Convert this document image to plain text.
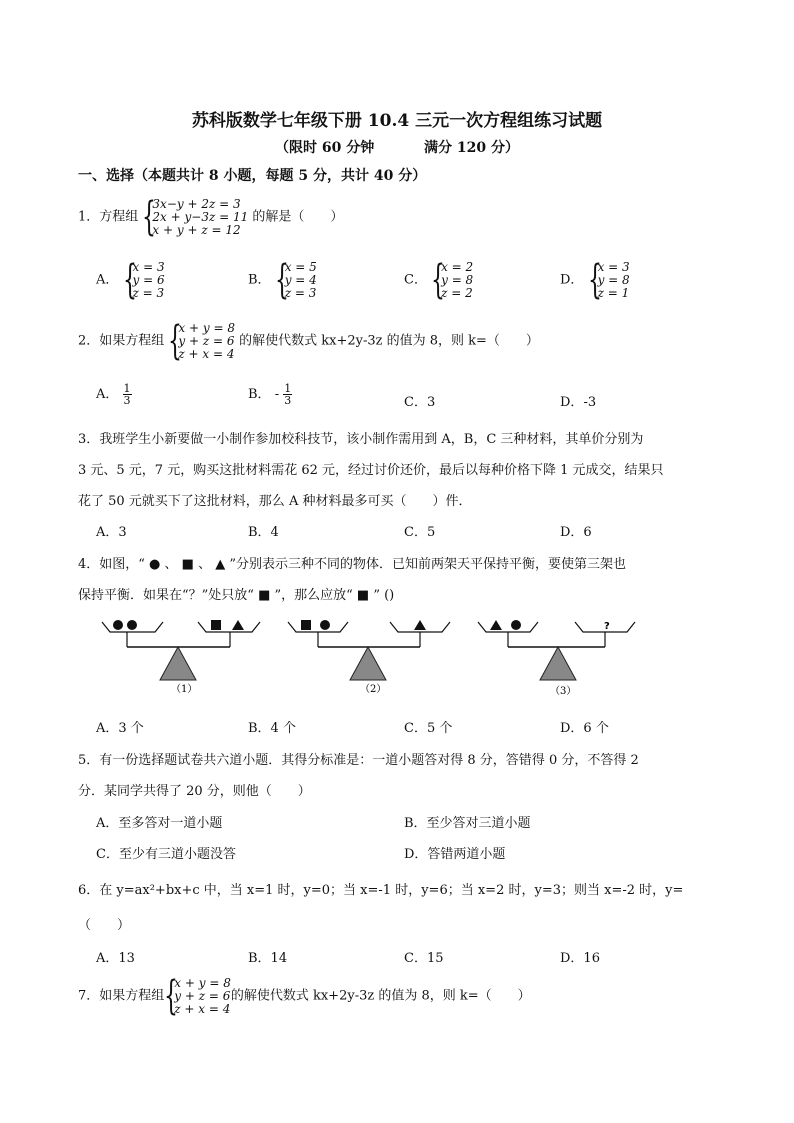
苏科版数学七年级下册 10.4 三元一次方程组练习试题
（限时 60 分钟	满分 120 分）
一、选择（本题共计 8 小题，每题 5 分，共计 40 分）
1．方程组 {
3x−y + 2z = 3
2x + y−3z = 11
x + y + z = 12
的解是（　　）
A． {
x = 3
y = 6
z = 3
B． {
x = 5
y = 4
z = 3
C． {
x = 2
y = 8
z = 2
D． {
x = 3
y = 8
z = 1
2．如果方程组 {
x + y = 8
y + z = 6
z + x = 4
的解使代数式 kx+2y-3z 的值为 8，则 k=（　　）
A． $\frac{1}{3}$	B． - $\frac{1}{3}$	C．3	D．-3
3．我班学生小新要做一小制作参加校科技节，该小制作需用到 A，B，C 三种材料，其单价分别为
3 元、5 元，7 元，购买这批材料需花 62 元，经过讨价还价，最后以每种价格下降 1 元成交，结果只
花了 50 元就买下了这批材料，那么 A 种材料最多可买（　　）件．
A．3	B．4	C．5	D．6
4．如图，“ ● 、 ■ 、 ▲ ”分别表示三种不同的物体．已知前两架天平保持平衡，要使第三架也
保持平衡．如果在“？”处只放“ ■ ”，那么应放“ ■ ” ()
（1）	（2）
?
（3）
A．3 个	B．4 个	C．5 个	D．6 个
5．有一份选择题试卷共六道小题．其得分标准是：一道小题答对得 8 分，答错得 0 分，不答得 2
分．某同学共得了 20 分，则他（　　）
A．至多答对一道小题	B．至少答对三道小题
C．至少有三道小题没答	D．答错两道小题
6．在 y=ax²+bx+c 中，当 x=1 时，y=0；当 x=-1 时，y=6；当 x=2 时，y=3；则当 x=-2 时，y=
（　　）
A．13	B．14	C．15	D．16
7．如果方程组 {
x + y = 8
y + z = 6
z + x = 4
的解使代数式 kx+2y-3z 的值为 8，则 k=（　　）
